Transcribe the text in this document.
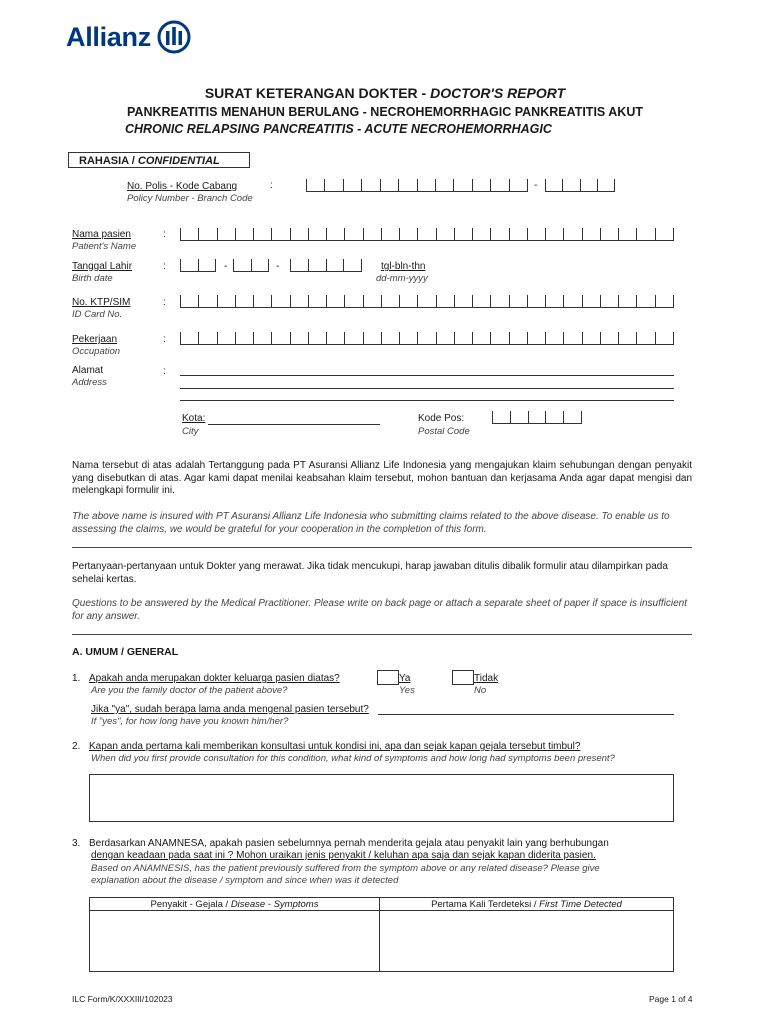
Allianz
SURAT KETERANGAN DOKTER - DOCTOR'S REPORT
PANKREATITIS MENAHUN BERULANG - NECROHEMORRHAGIC PANKREATITIS AKUT
CHRONIC RELAPSING PANCREATITIS - ACUTE NECROHEMORRHAGIC
RAHASIA / CONFIDENTIAL
No. Polis - Kode Cabang
Policy Number - Branch Code
:	-
Nama pasien
Patient's Name
:
Tanggal Lahir
Birth date
:	-	-	tgl-bln-thn
dd-mm-yyyy
No. KTP/SIM
ID Card No.
:
Pekerjaan
Occupation
:
Alamat
Address
:
Kota:
City
Kode Pos:
Postal Code
Nama tersebut di atas adalah Tertanggung pada PT Asuransi Allianz Life Indonesia yang mengajukan klaim sehubungan dengan penyakit yang disebutkan di atas. Agar kami dapat menilai keabsahan klaim tersebut, mohon bantuan dan kerjasama Anda agar dapat mengisi dan melengkapi formulir ini.
The above name is insured with PT Asuransi Allianz Life Indonesia who submitting claims related to the above disease. To enable us to assessing the claims, we would be grateful for your cooperation in the completion of this form.
Pertanyaan-pertanyaan untuk Dokter yang merawat. Jika tidak mencukupi, harap jawaban ditulis dibalik formulir atau dilampirkan pada sehelai kertas.
Questions to be answered by the Medical Practitioner. Please write on back page or attach a separate sheet of paper if space is insufficient for any answer.
A. UMUM / GENERAL
1. Apakah anda merupakan dokter keluarga pasien diatas?
Are you the family doctor of the patient above?
Ya
Yes
Tidak
No
Jika "ya", sudah berapa lama anda mengenal pasien tersebut?
If "yes", for how long have you known him/her?
2. Kapan anda pertama kali memberikan konsultasi untuk kondisi ini, apa dan sejak kapan gejala tersebut timbul?
When did you first provide consultation for this condition, what kind of symptoms and how long had symptoms been present?
3. Berdasarkan ANAMNESA, apakah pasien sebelumnya pernah menderita gejala atau penyakit lain yang berhubungan
dengan keadaan pada saat ini ? Mohon uraikan jenis penyakit / keluhan apa saja dan sejak kapan diderita pasien.
Based on ANAMNESIS, has the patient previously suffered from the symptom above or any related disease? Please give
explanation about the disease / symptom and since when was it detected
Penyakit - Gejala / Disease - Symptoms	Pertama Kali Terdeteksi / First Time Detected
ILC Form/K/XXXIII/102023	Page 1 of 4
